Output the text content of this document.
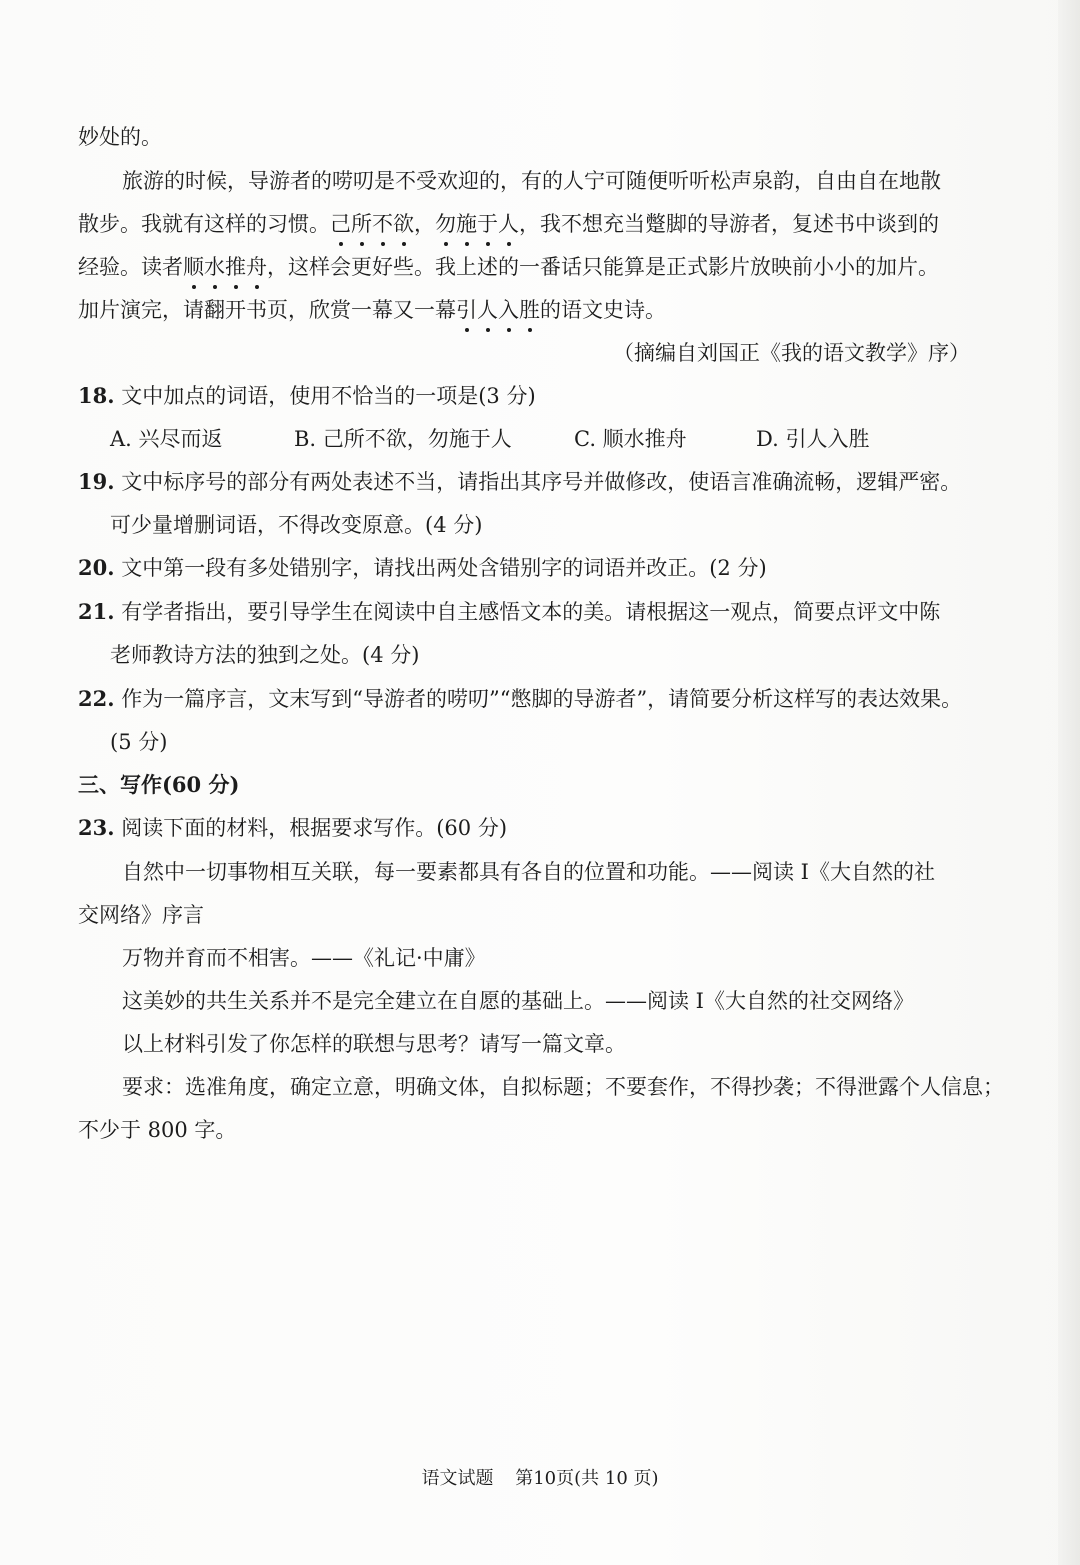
妙处的。
旅游的时候，导游者的唠叨是不受欢迎的，有的人宁可随便听听松声泉韵，自由自在地散
散步。我就有这样的习惯。己所不欲，勿施于人，我不想充当蹩脚的导游者，复述书中谈到的
经验。读者顺水推舟，这样会更好些。我上述的一番话只能算是正式影片放映前小小的加片。
加片演完，请翻开书页，欣赏一幕又一幕引人入胜的语文史诗。
（摘编自刘国正《我的语文教学》序）
18. 文中加点的词语，使用不恰当的一项是(3 分)
A. 兴尽而返	B. 己所不欲，勿施于人	C. 顺水推舟	D. 引人入胜
19. 文中标序号的部分有两处表述不当，请指出其序号并做修改，使语言准确流畅，逻辑严密。
可少量增删词语，不得改变原意。(4 分)
20. 文中第一段有多处错别字，请找出两处含错别字的词语并改正。(2 分)
21. 有学者指出，要引导学生在阅读中自主感悟文本的美。请根据这一观点，简要点评文中陈
老师教诗方法的独到之处。(4 分)
22. 作为一篇序言，文末写到“导游者的唠叨”“憋脚的导游者”，请简要分析这样写的表达效果。
(5 分)
三、写作(60 分)
23. 阅读下面的材料，根据要求写作。(60 分)
自然中一切事物相互关联，每一要素都具有各自的位置和功能。——阅读 Ⅰ《大自然的社
交网络》序言
万物并育而不相害。——《礼记·中庸》
这美妙的共生关系并不是完全建立在自愿的基础上。——阅读 Ⅰ《大自然的社交网络》
以上材料引发了你怎样的联想与思考？请写一篇文章。
要求：选准角度，确定立意，明确文体，自拟标题；不要套作，不得抄袭；不得泄露个人信息；
不少于 800 字。
语文试题 第10页(共 10 页)
